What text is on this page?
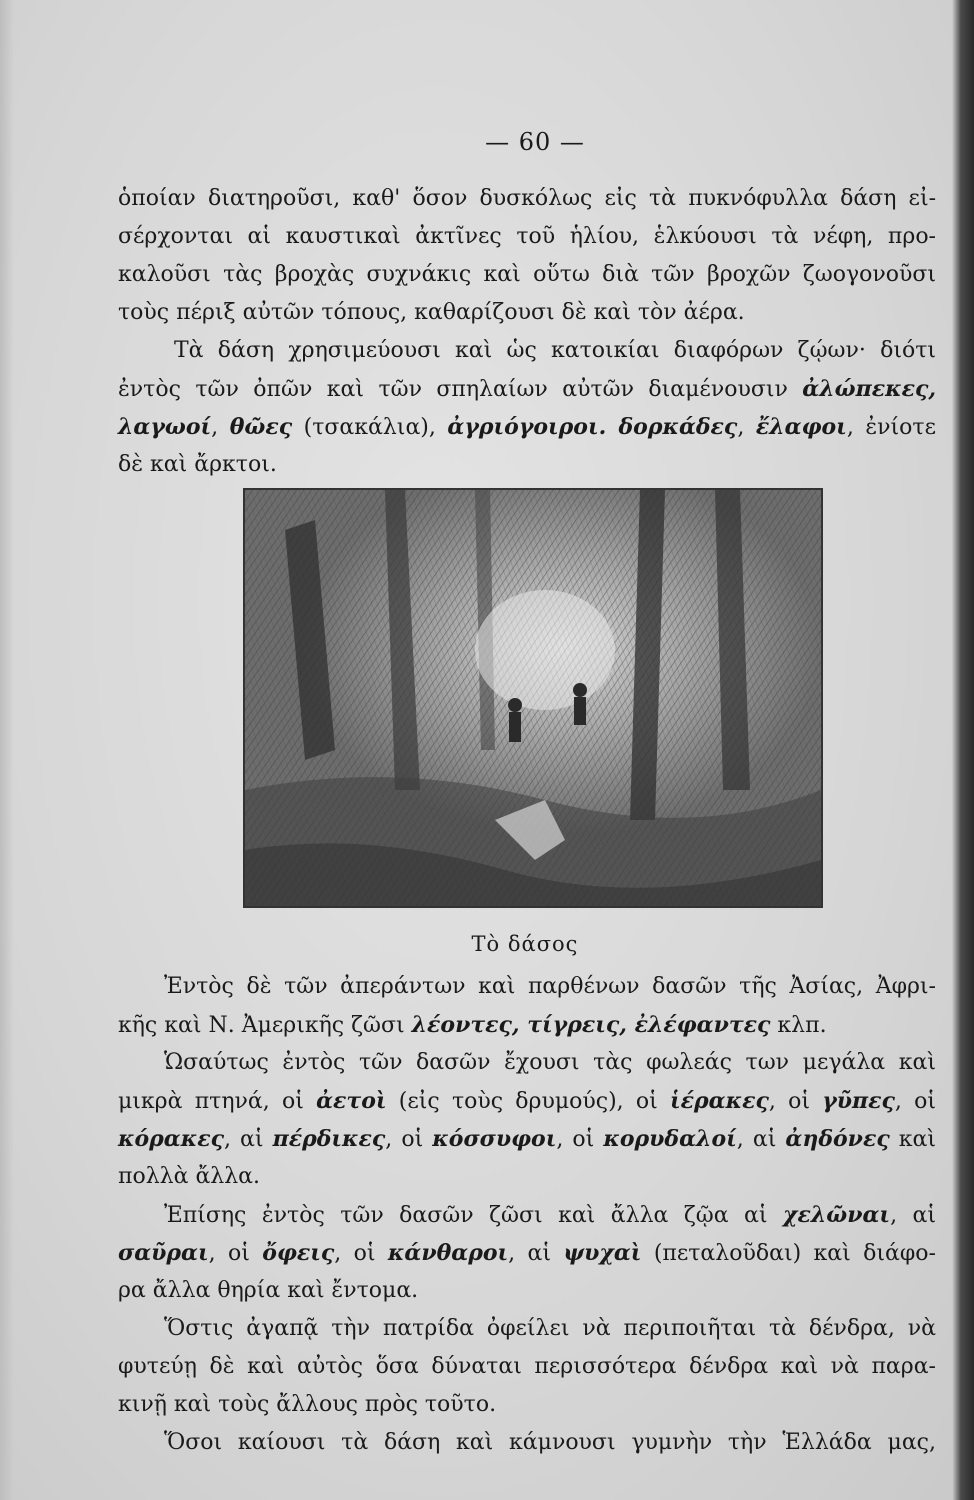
— 60 —
ὁποίαν διατηροῦσι, καθ' ὅσον δυσκόλως εἰς τὰ πυκνόφυλλα δάση εἰ-
σέρχονται αἱ καυστικαὶ ἀκτῖνες τοῦ ἡλίου, ἑλκύουσι τὰ νέφη, προ-
καλοῦσι τὰς βροχὰς συχνάκις καὶ οὕτω διὰ τῶν βροχῶν ζωογονοῦσι
τοὺς πέριξ αὐτῶν τόπους, καθαρίζουσι δὲ καὶ τὸν ἀέρα.
Τὰ δάση χρησιμεύουσι καὶ ὡς κατοικίαι διαφόρων ζῴων· διότι
ἐντὸς τῶν ὀπῶν καὶ τῶν σπηλαίων αὐτῶν διαμένουσιν ἀλώπεκες,
λαγωοί, θῶες (τσακάλια), ἀγριόγοιροι. δορκάδες, ἔλαφοι, ἐνίοτε
δὲ καὶ ἄρκτοι.
Τὸ δάσος
Ἐντὸς δὲ τῶν ἀπεράντων καὶ παρθένων δασῶν τῆς Ἀσίας, Ἀφρι-
κῆς καὶ Ν. Ἀμερικῆς ζῶσι λέοντες, τίγρεις, ἐλέφαντες κλπ.
Ὡσαύτως ἐντὸς τῶν δασῶν ἔχουσι τὰς φωλεάς των μεγάλα καὶ
μικρὰ πτηνά, οἱ ἀετοὶ (εἰς τοὺς δρυμούς), οἱ ἱέρακες, οἱ γῦπες, οἱ
κόρακες, αἱ πέρδικες, οἱ κόσσυφοι, οἱ κορυδαλοί, αἱ ἀηδόνες καὶ
πολλὰ ἄλλα.
Ἐπίσης ἐντὸς τῶν δασῶν ζῶσι καὶ ἄλλα ζῷα αἱ χελῶναι, αἱ
σαῦραι, οἱ ὄφεις, οἱ κάνθαροι, αἱ ψυχαὶ (πεταλοῦδαι) καὶ διάφο-
ρα ἄλλα θηρία καὶ ἔντομα.
Ὅστις ἀγαπᾷ τὴν πατρίδα ὀφείλει νὰ περιποιῆται τὰ δένδρα, νὰ
φυτεύῃ δὲ καὶ αὐτὸς ὅσα δύναται περισσότερα δένδρα καὶ νὰ παρα-
κινῇ καὶ τοὺς ἄλλους πρὸς τοῦτο.
Ὅσοι καίουσι τὰ δάση καὶ κάμνουσι γυμνὴν τὴν Ἑλλάδα μας,
